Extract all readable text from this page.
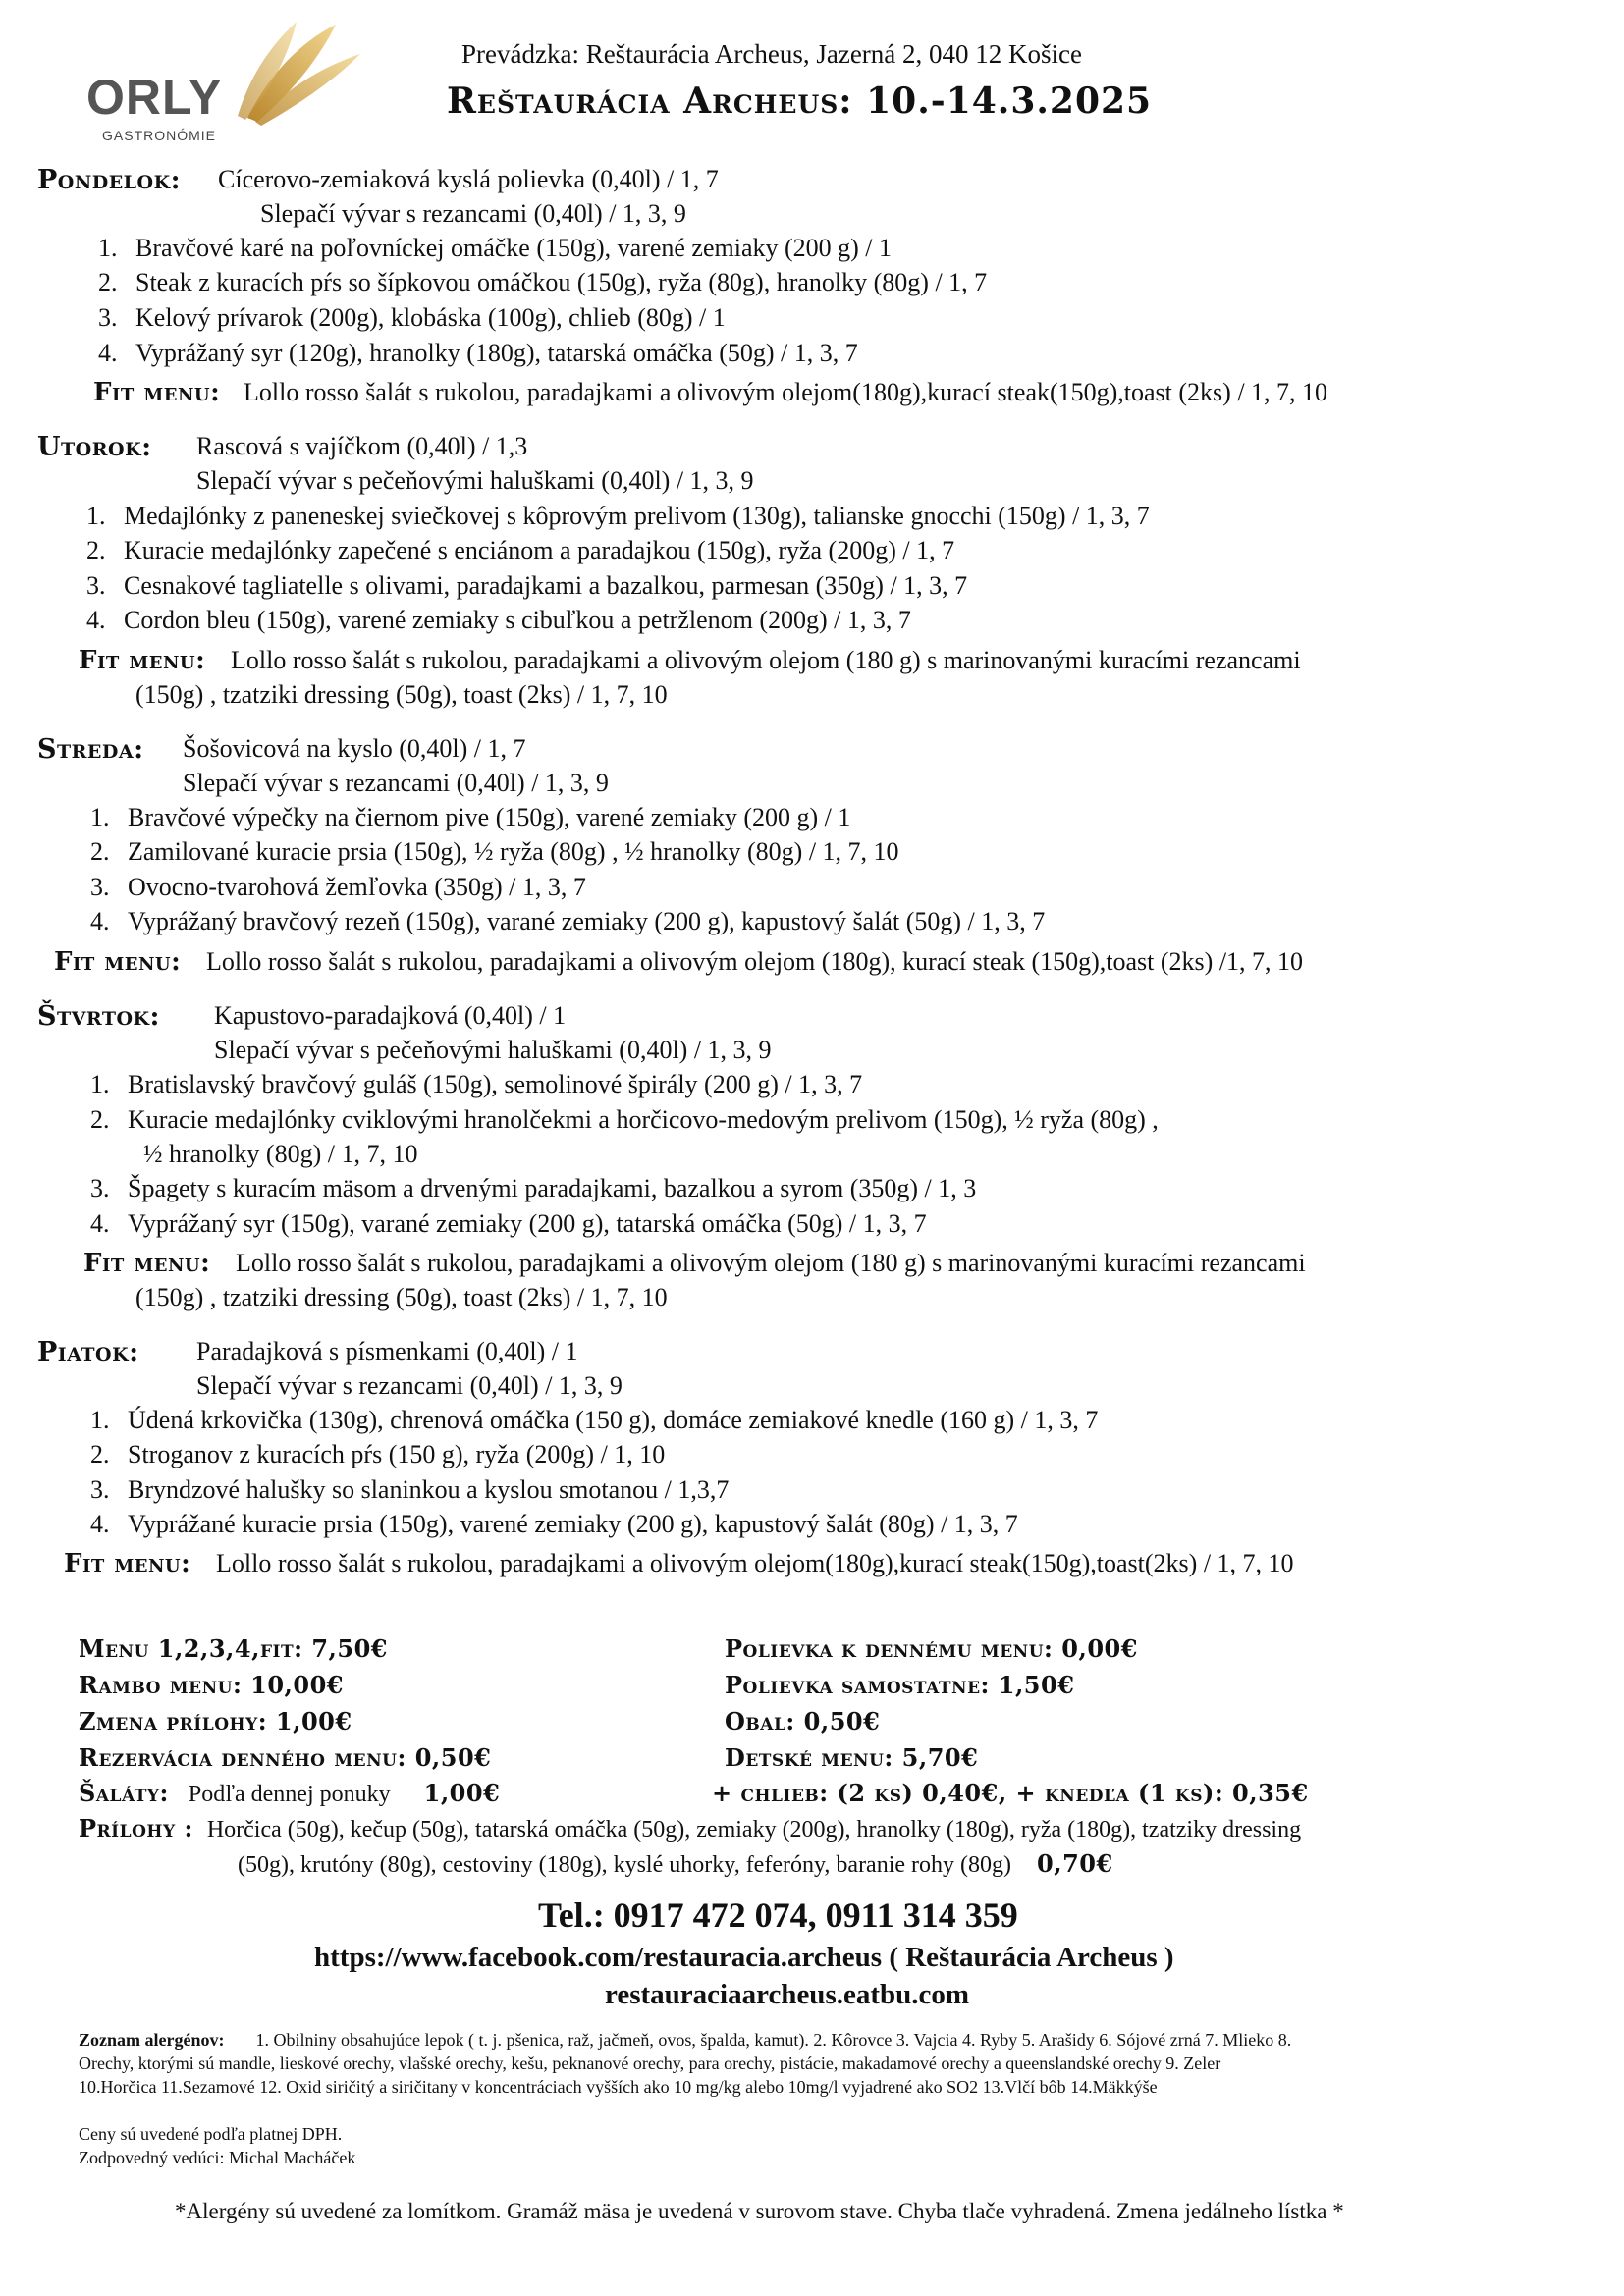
ORLY
GASTRONÓMIE
Prevádzka: Reštaurácia Archeus, Jazerná 2, 040 12 Košice
Reštaurácia Archeus: 10.-14.3.2025
Pondelok: Cícerovo-zemiaková kyslá polievka (0,40l) / 1, 7
Slepačí vývar s rezancami (0,40l) / 1, 3, 9
1. Bravčové karé na poľovníckej omáčke (150g), varené zemiaky (200 g) / 1
2. Steak z kuracích pŕs so šípkovou omáčkou (150g), ryža (80g), hranolky (80g) / 1, 7
3. Kelový prívarok (200g), klobáska (100g), chlieb (80g) / 1
4. Vyprážaný syr (120g), hranolky (180g), tatarská omáčka (50g) / 1, 3, 7
Fit menu: Lollo rosso šalát s rukolou, paradajkami a olivovým olejom(180g),kurací steak(150g),toast (2ks) / 1, 7, 10
Utorok: Rascová s vajíčkom (0,40l) / 1,3
Slepačí vývar s pečeňovými haluškami (0,40l) / 1, 3, 9
1. Medajlónky z paneneskej sviečkovej s kôprovým prelivom (130g), talianske gnocchi (150g) / 1, 3, 7
2. Kuracie medajlónky zapečené s enciánom a paradajkou (150g), ryža (200g) / 1, 7
3. Cesnakové tagliatelle s olivami, paradajkami a bazalkou, parmesan (350g) / 1, 3, 7
4. Cordon bleu (150g), varené zemiaky s cibuľkou a petržlenom (200g) / 1, 3, 7
Fit menu: Lollo rosso šalát s rukolou, paradajkami a olivovým olejom (180 g) s marinovanými kuracími rezancami
(150g) , tzatziki dressing (50g), toast (2ks) / 1, 7, 10
Streda: Šošovicová na kyslo (0,40l) / 1, 7
Slepačí vývar s rezancami (0,40l) / 1, 3, 9
1. Bravčové výpečky na čiernom pive (150g), varené zemiaky (200 g) / 1
2. Zamilované kuracie prsia (150g), ½ ryža (80g) , ½ hranolky (80g) / 1, 7, 10
3. Ovocno-tvarohová žemľovka (350g) / 1, 3, 7
4. Vyprážaný bravčový rezeň (150g), varané zemiaky (200 g), kapustový šalát (50g) / 1, 3, 7
Fit menu: Lollo rosso šalát s rukolou, paradajkami a olivovým olejom (180g), kurací steak (150g),toast (2ks) /1, 7, 10
Štvrtok: Kapustovo-paradajková (0,40l) / 1
Slepačí vývar s pečeňovými haluškami (0,40l) / 1, 3, 9
1. Bratislavský bravčový guláš (150g), semolinové špirály (200 g) / 1, 3, 7
2. Kuracie medajlónky cviklovými hranolčekmi a horčicovo-medovým prelivom (150g), ½ ryža (80g) ,
½ hranolky (80g) / 1, 7, 10
3. Špagety s kuracím mäsom a drvenými paradajkami, bazalkou a syrom (350g) / 1, 3
4. Vyprážaný syr (150g), varané zemiaky (200 g), tatarská omáčka (50g) / 1, 3, 7
Fit menu: Lollo rosso šalát s rukolou, paradajkami a olivovým olejom (180 g) s marinovanými kuracími rezancami
(150g) , tzatziki dressing (50g), toast (2ks) / 1, 7, 10
Piatok: Paradajková s písmenkami (0,40l) / 1
Slepačí vývar s rezancami (0,40l) / 1, 3, 9
1. Údená krkovička (130g), chrenová omáčka (150 g), domáce zemiakové knedle (160 g) / 1, 3, 7
2. Stroganov z kuracích pŕs (150 g), ryža (200g) / 1, 10
3. Bryndzové halušky so slaninkou a kyslou smotanou / 1,3,7
4. Vyprážané kuracie prsia (150g), varené zemiaky (200 g), kapustový šalát (80g) / 1, 3, 7
Fit menu: Lollo rosso šalát s rukolou, paradajkami a olivovým olejom(180g),kurací steak(150g),toast(2ks) / 1, 7, 10
Menu 1,2,3,4,fit: 7,50€
Rambo menu: 10,00€
Zmena prílohy: 1,00€
Rezervácia denného menu: 0,50€
Šaláty: Podľa dennej ponuky 1,00€
Polievka k dennému menu: 0,00€
Polievka samostatne: 1,50€
Obal: 0,50€
Detské menu: 5,70€
+ chlieb: (2 ks) 0,40€, + knedľa (1 ks): 0,35€
Prílohy : Horčica (50g), kečup (50g), tatarská omáčka (50g), zemiaky (200g), hranolky (180g), ryža (180g), tzatziky dressing
(50g), krutóny (80g), cestoviny (180g), kyslé uhorky, feferóny, baranie rohy (80g) 0,70€
Tel.: 0917 472 074, 0911 314 359
https://www.facebook.com/restauracia.archeus ( Reštaurácia Archeus )
restauraciaarcheus.eatbu.com
Zoznam alergénov: 1. Obilniny obsahujúce lepok ( t. j. pšenica, raž, jačmeň, ovos, špalda, kamut). 2. Kôrovce 3. Vajcia 4. Ryby 5. Arašidy 6. Sójové zrná 7. Mlieko 8.
Orechy, ktorými sú mandle, lieskové orechy, vlašské orechy, kešu, peknanové orechy, para orechy, pistácie, makadamové orechy a queenslandské orechy 9. Zeler
10.Horčica 11.Sezamové 12. Oxid siričitý a siričitany v koncentráciach vyšších ako 10 mg/kg alebo 10mg/l vyjadrené ako SO2 13.Vlčí bôb 14.Mäkkýše
Ceny sú uvedené podľa platnej DPH.
Zodpovedný vedúci: Michal Macháček
*Alergény sú uvedené za lomítkom. Gramáž mäsa je uvedená v surovom stave. Chyba tlače vyhradená. Zmena jedálneho lístka *
